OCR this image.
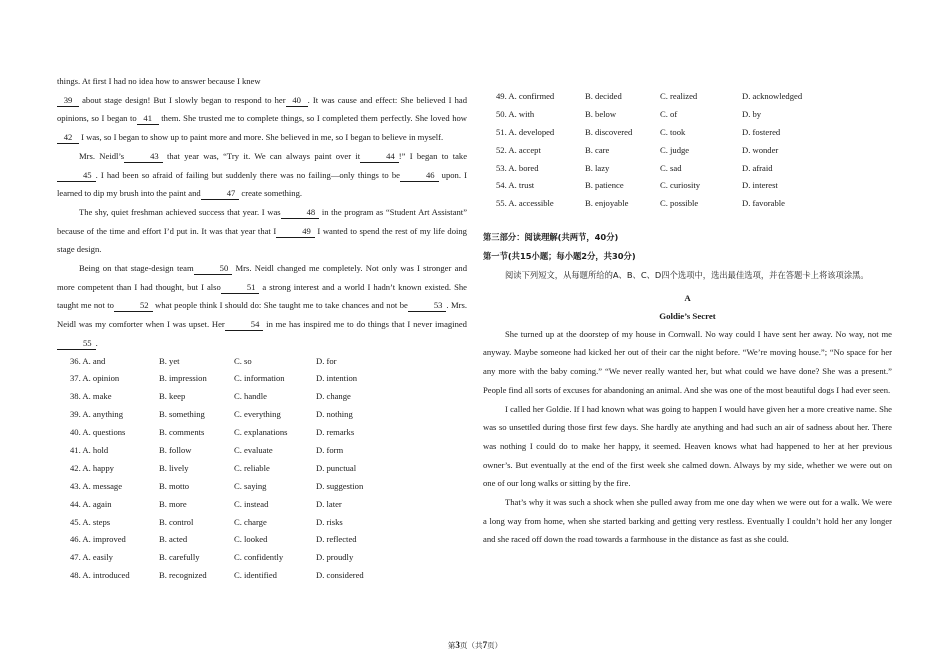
things. At first I had no idea how to answer because I knew
39 about stage design! But I slowly began to respond to her 40 . It was cause and effect: She believed I had opinions, so I began to 41 them. She trusted me to complete things, so I completed them perfectly. She loved how42 I was, so I began to show up to paint more and more. She believed in me, so I began to believe in myself.

Mrs. Neidl’s	43 that year was, “Try it. We can always paint over it	44 !” I began to take45 . I had been so afraid of failing but suddenly there was no failing—only things to be	46 upon. I learned to dip my brush into the paint and	47 create something.

The shy, quiet freshman achieved success that year. I was	48 in the program as “Student Art Assistant” because of the time and effort I’d put in. It was that year that I	49 I wanted to spend the rest of my life doing stage design.

Being on that stage-design team	50 Mrs. Neidl changed me completely. Not only was I stronger and more competent than I had thought, but I also	51 a strong interest and a world I hadn’t known existed. She taught me not to	52 what people think I should do: She taught me to take chances and not be	53 . Mrs. Neidl was my comforter when I was upset. Her	54 in me has inspired me to do things that I never imagined55 .

36. A. and	B. yet	C. so	D. for
37. A. opinion	B. impression	C. information	D. intention
38. A. make	B. keep	C. handle	D. change
39. A. anything	B. something	C. everything	D. nothing
40. A. questions	B. comments	C. explanations	D. remarks
41. A. hold	B. follow	C. evaluate	D. form
42. A. happy	B. lively	C. reliable	D. punctual
43. A. message	B. motto	C. saying	D. suggestion
44. A. again	B. more	C. instead	D. later
45. A. steps	B. control	C. charge	D. risks
46. A. improved	B. acted	C. looked	D. reflected
47. A. easily	B. carefully	C. confidently	D. proudly
48. A. introduced	B. recognized	C. identified	D. considered
49. A. confirmed	B. decided	C. realized	D. acknowledged
50. A. with	B. below	C. of	D. by
51. A. developed	B. discovered	C. took	D. fostered
52. A. accept	B. care	C. judge	D. wonder
53. A. bored	B. lazy	C. sad	D. afraid
54. A. trust	B. patience	C. curiosity	D. interest
55. A. accessible	B. enjoyable	C. possible	D. favorable

第三部分：阅读理解(共两节，40分)

第一节(共15小题；每小题2分，共30分)

阅读下列短文，从每题所给的A、B、C、D四个选项中，选出最佳选项，并在答题卡上将该项涂黑。

A

Goldie’s Secret

She turned up at the doorstep of my house in Cornwall. No way could I have sent her away. No way, not me anyway. Maybe someone had kicked her out of their car the night before. “We’re moving house.”; “No space for her any more with the baby coming.” “We never really wanted her, but what could we have done? She was a present.” People find all sorts of excuses for abandoning an animal. And she was one of the most beautiful dogs I had ever seen.

I called her Goldie. If I had known what was going to happen I would have given her a more creative name. She was so unsettled during those first few days. She hardly ate anything and had such an air of sadness about her. There was nothing I could do to make her happy, it seemed. Heaven knows what had happened to her at her previous owner’s. But eventually at the end of the first week she calmed down. Always by my side, whether we were out on one of our long walks or sitting by the fire.

That’s why it was such a shock when she pulled away from me one day when we were out for a walk. We were a long way from home, when she started barking and getting very restless. Eventually I couldn’t hold her any longer and she raced off down the road towards a farmhouse in the distance as fast as she could.

第3页（共7页）
